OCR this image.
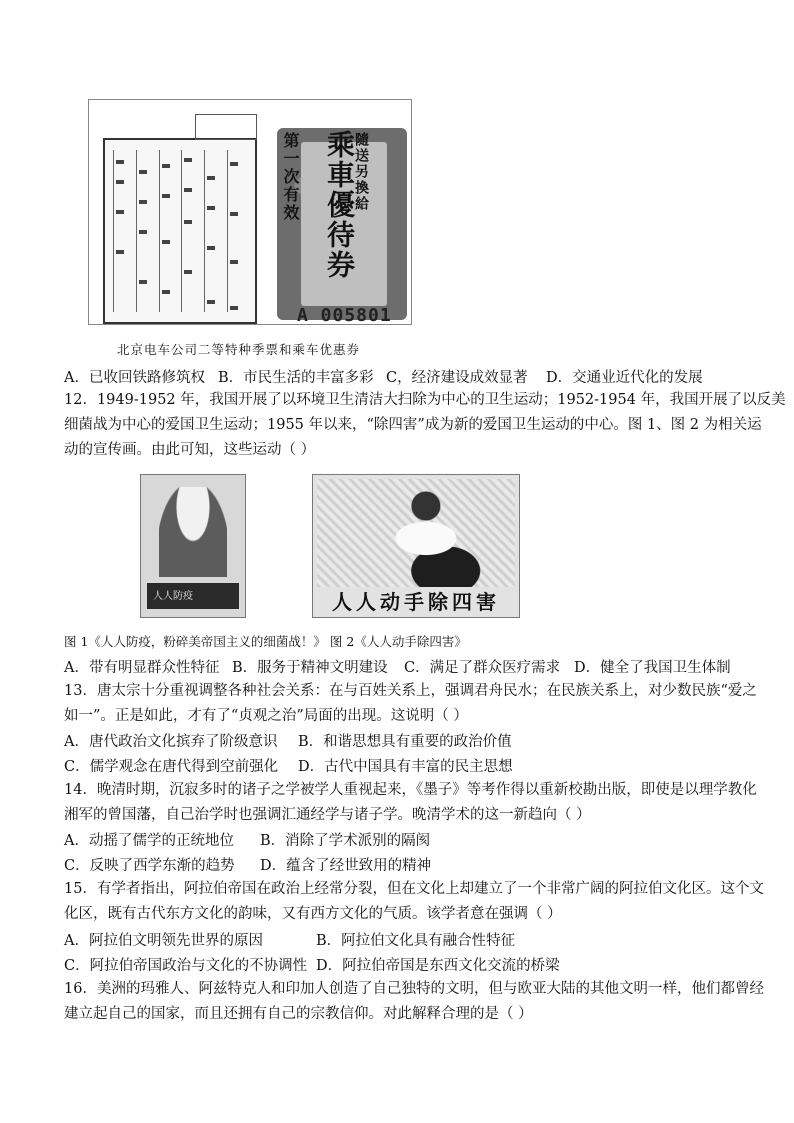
第一次有效 乘車優待券
隨送另換給
A 005801
北京电车公司二等特种季票和乘车优惠券
A．已收回铁路修筑权 B．市民生活的丰富多彩 C，经济建设成效显著 D．交通业近代化的发展
12．1949-1952 年，我国开展了以环境卫生清洁大扫除为中心的卫生运动；1952-1954 年，我国开展了以反美
细菌战为中心的爱国卫生运动；1955 年以来，“除四害”成为新的爱国卫生运动的中心。图 1、图 2 为相关运
动的宣传画。由此可知，这些运动（ ）
人人防疫	人人动手除四害
图 1《人人防疫，粉碎美帝国主义的细菌战！》 图 2《人人动手除四害》
A．带有明显群众性特征 B．服务于精神文明建设 C．满足了群众医疗需求 D．健全了我国卫生体制
13．唐太宗十分重视调整各种社会关系：在与百姓关系上，强调君舟民水；在民族关系上，对少数民族“爱之
如一”。正是如此，才有了“贞观之治”局面的出现。这说明（ ）
A．唐代政治文化摈弃了阶级意识 B．和谐思想具有重要的政治价值
C．儒学观念在唐代得到空前强化 D．古代中国具有丰富的民主思想
14．晚清时期，沉寂多时的诸子之学被学人重视起来，《墨子》等考作得以重新校勘出版，即使是以理学教化
湘军的曾国藩，自己治学时也强调汇通经学与诸子学。晚清学术的这一新趋向（ ）
A．动摇了儒学的正统地位 B．消除了学术派别的隔阂
C．反映了西学东渐的趋势 D．蕴含了经世致用的精神
15．有学者指出，阿拉伯帝国在政治上经常分裂，但在文化上却建立了一个非常广阔的阿拉伯文化区。这个文
化区，既有古代东方文化的韵味，又有西方文化的气质。该学者意在强调（ ）
A．阿拉伯文明领先世界的原因	B．阿拉伯文化具有融合性特征
C．阿拉伯帝国政治与文化的不协调性 D．阿拉伯帝国是东西文化交流的桥梁
16．美洲的玛雅人、阿兹特克人和印加人创造了自己独特的文明，但与欧亚大陆的其他文明一样，他们都曾经
建立起自己的国家，而且还拥有自己的宗教信仰。对此解释合理的是（ ）
